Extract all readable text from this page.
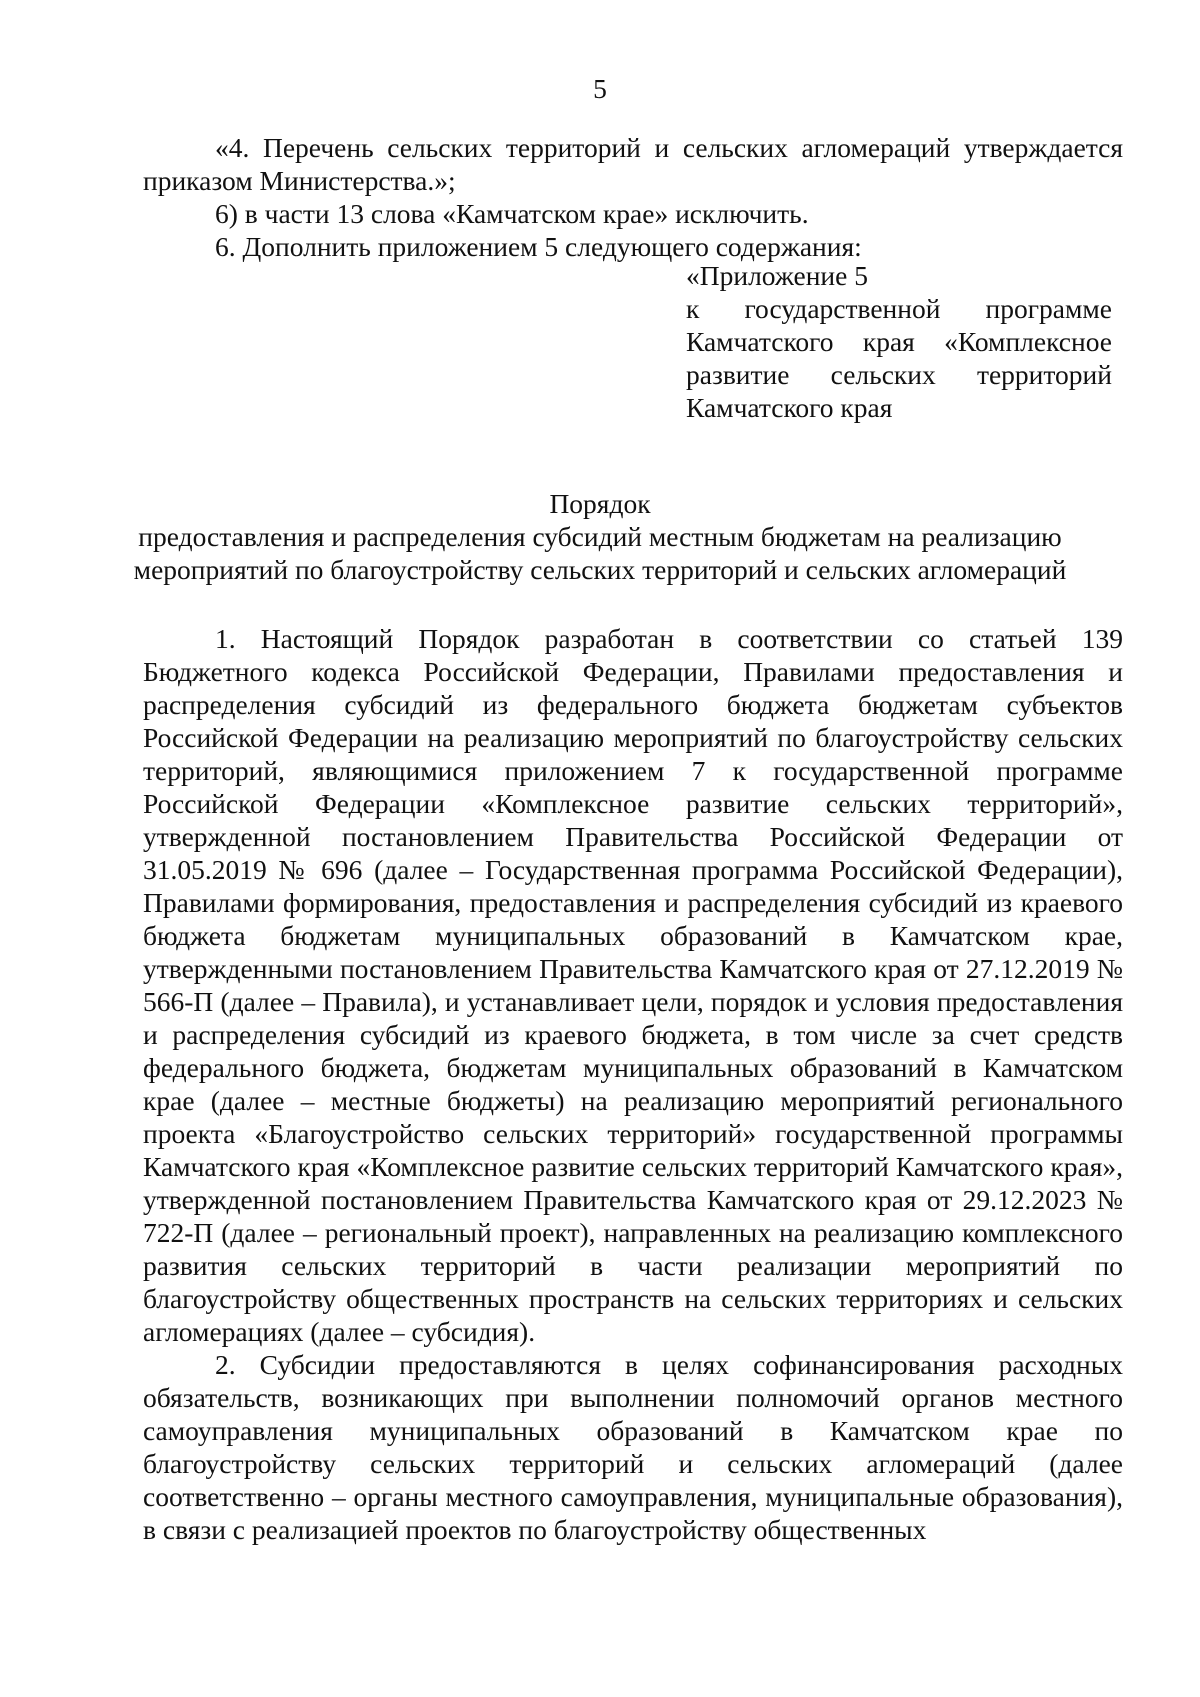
5

«4. Перечень сельских территорий и сельских агломераций утверждается приказом Министерства.»;

6) в части 13 слова «Камчатском крае» исключить.

6. Дополнить приложением 5 следующего содержания:

«Приложение 5

к государственной программе Камчатского края «Комплексное развитие сельских территорий Камчатского края

Порядок

предоставления и распределения субсидий местным бюджетам на реализацию

мероприятий по благоустройству сельских территорий и сельских агломераций

1. Настоящий Порядок разработан в соответствии со статьей 139 Бюджетного кодекса Российской Федерации, Правилами предоставления и распределения субсидий из федерального бюджета бюджетам субъектов Российской Федерации на реализацию мероприятий по благоустройству сельских территорий, являющимися приложением 7 к государственной программе Российской Федерации «Комплексное развитие сельских территорий», утвержденной постановлением Правительства Российской Федерации от 31.05.2019 № 696 (далее – Государственная программа Российской Федерации), Правилами формирования, предоставления и распределения субсидий из краевого бюджета бюджетам муниципальных образований в Камчатском крае, утвержденными постановлением Правительства Камчатского края от 27.12.2019 № 566-П (далее – Правила), и устанавливает цели, порядок и условия предоставления и распределения субсидий из краевого бюджета, в том числе за счет средств федерального бюджета, бюджетам муниципальных образований в Камчатском крае (далее – местные бюджеты) на реализацию мероприятий регионального проекта «Благоустройство сельских территорий» государственной программы Камчатского края «Комплексное развитие сельских территорий Камчатского края», утвержденной постановлением Правительства Камчатского края от 29.12.2023 № 722-П (далее – региональный проект), направленных на реализацию комплексного развития сельских территорий в части реализации мероприятий по благоустройству общественных пространств на сельских территориях и сельских агломерациях (далее – субсидия).

2. Субсидии предоставляются в целях софинансирования расходных обязательств, возникающих при выполнении полномочий органов местного самоуправления муниципальных образований в Камчатском крае по благоустройству сельских территорий и сельских агломераций (далее соответственно – органы местного самоуправления, муниципальные образования), в связи с реализацией проектов по благоустройству общественных
